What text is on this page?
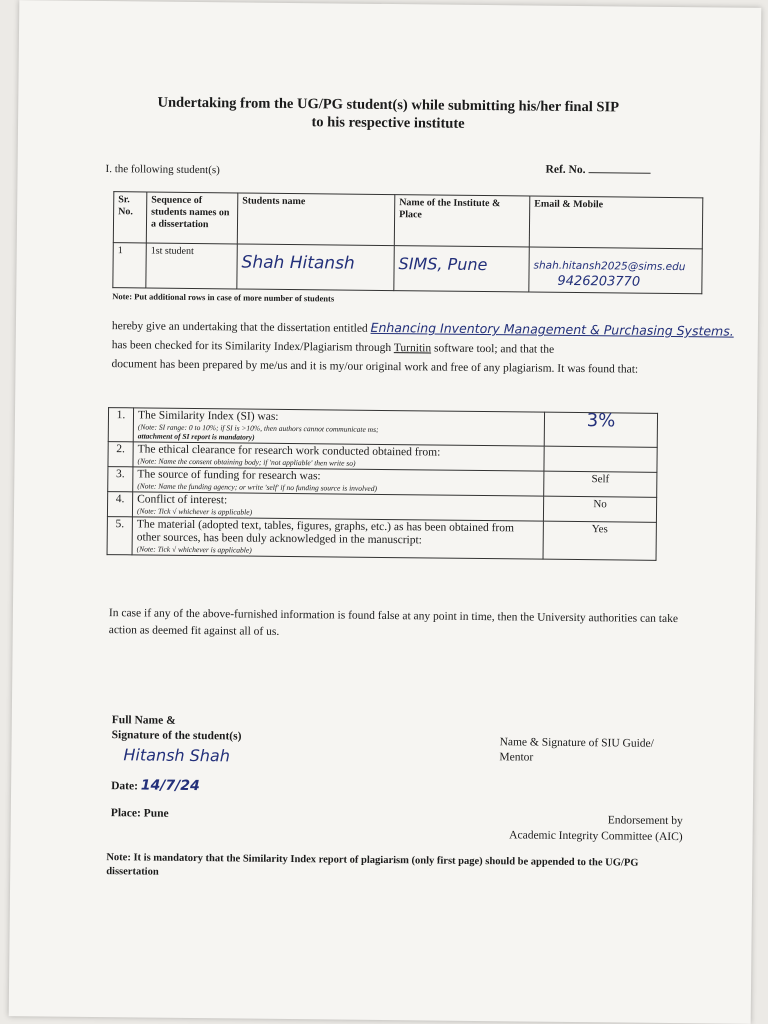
Undertaking from the UG/PG student(s) while submitting his/her final SIP
to his respective institute
I. the following student(s)	Ref. No.
Sr. No.	Sequence of students names on a dissertation	Students name	Name of the Institute & Place	Email & Mobile
1	1st student	Shah Hitansh	SIMS, Pune	shah.hitansh2025@sims.edu
9426203770
Note: Put additional rows in case of more number of students
hereby give an undertaking that the dissertation entitled Enhancing Inventory Management & Purchasing Systems.
has been checked for its Similarity Index/Plagiarism through Turnitin software tool; and that the
document has been prepared by me/us and it is my/our original work and free of any plagiarism. It was found that:
1.	The Similarity Index (SI) was:
(Note: SI range: 0 to 10%; if SI is >10%, then authors cannot communicate ms;
attachment of SI report is mandatory)	3%
2.	The ethical clearance for research work conducted obtained from:
(Note: Name the consent obtaining body; if 'not appliable' then write so)	

3.	The source of funding for research was:
(Note: Name the funding agency; or write 'self' if no funding source is involved)	Self
4.	Conflict of interest:
(Note: Tick √ whichever is applicable)	No
5.	The material (adopted text, tables, figures, graphs, etc.) as has been obtained from other sources, has been duly acknowledged in the manuscript:
(Note: Tick √ whichever is applicable)	Yes
In case if any of the above-furnished information is found false at any point in time, then the University authorities can take action as deemed fit against all of us.
Full Name &
Signature of the student(s)
Hitansh Shah
Date: 14/7/24
Place: Pune
Name & Signature of SIU Guide/ Mentor
Endorsement by
Academic Integrity Committee (AIC)
Note: It is mandatory that the Similarity Index report of plagiarism (only first page) should be appended to the UG/PG dissertation
